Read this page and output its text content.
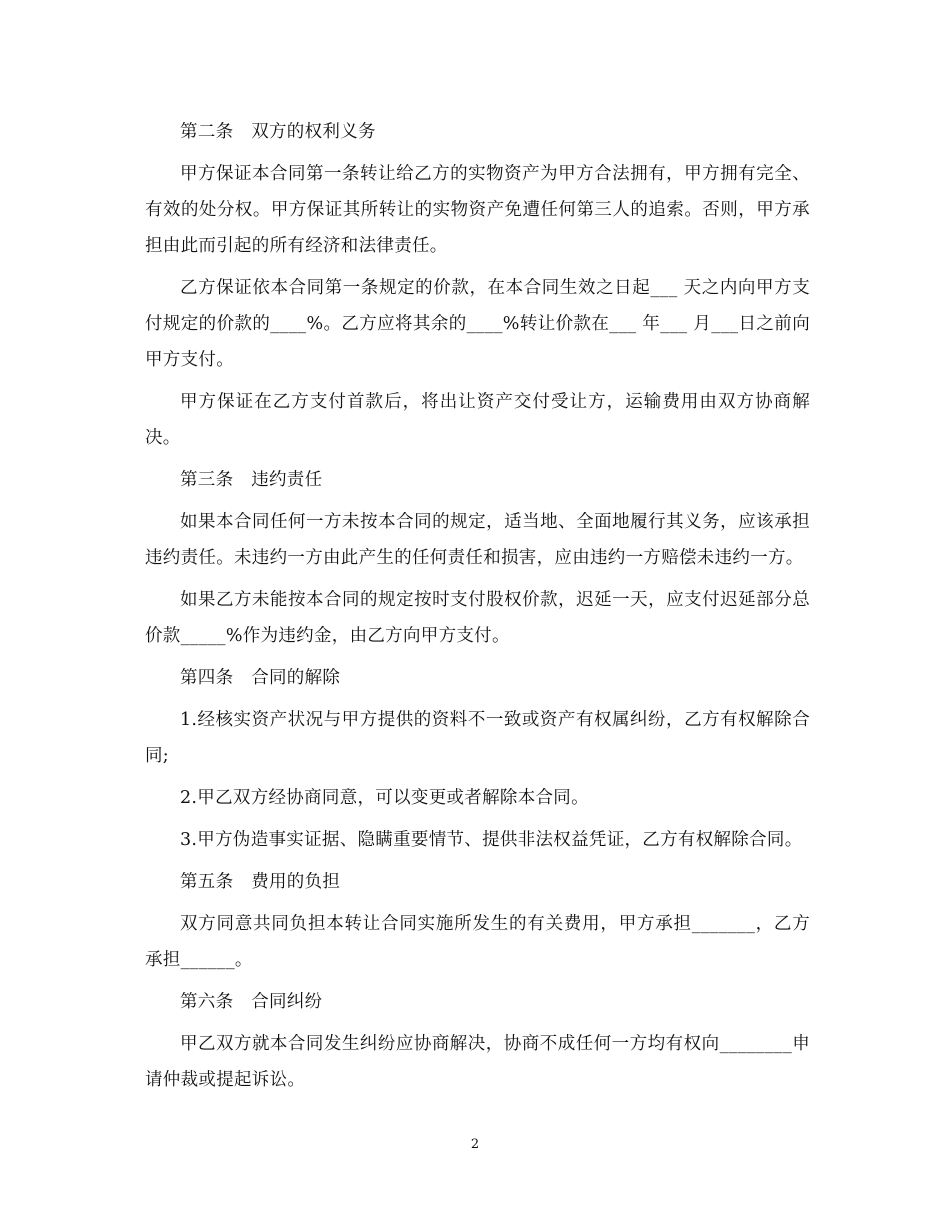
第二条　双方的权利义务

甲方保证本合同第一条转让给乙方的实物资产为甲方合法拥有，甲方拥有完全、有效的处分权。甲方保证其所转让的实物资产免遭任何第三人的追索。否则，甲方承担由此而引起的所有经济和法律责任。

乙方保证依本合同第一条规定的价款，在本合同生效之日起___ 天之内向甲方支付规定的价款的____%。乙方应将其余的____%转让价款在___ 年___ 月___日之前向甲方支付。

甲方保证在乙方支付首款后，将出让资产交付受让方，运输费用由双方协商解决。

第三条　违约责任

如果本合同任何一方未按本合同的规定，适当地、全面地履行其义务，应该承担违约责任。未违约一方由此产生的任何责任和损害，应由违约一方赔偿未违约一方。

如果乙方未能按本合同的规定按时支付股权价款，迟延一天，应支付迟延部分总价款_____%作为违约金，由乙方向甲方支付。

第四条　合同的解除

1.经核实资产状况与甲方提供的资料不一致或资产有权属纠纷，乙方有权解除合同;

2.甲乙双方经协商同意，可以变更或者解除本合同。

3.甲方伪造事实证据、隐瞒重要情节、提供非法权益凭证，乙方有权解除合同。

第五条　费用的负担

双方同意共同负担本转让合同实施所发生的有关费用，甲方承担_______，乙方承担______。

第六条　合同纠纷

甲乙双方就本合同发生纠纷应协商解决，协商不成任何一方均有权向________申请仲裁或提起诉讼。

2
